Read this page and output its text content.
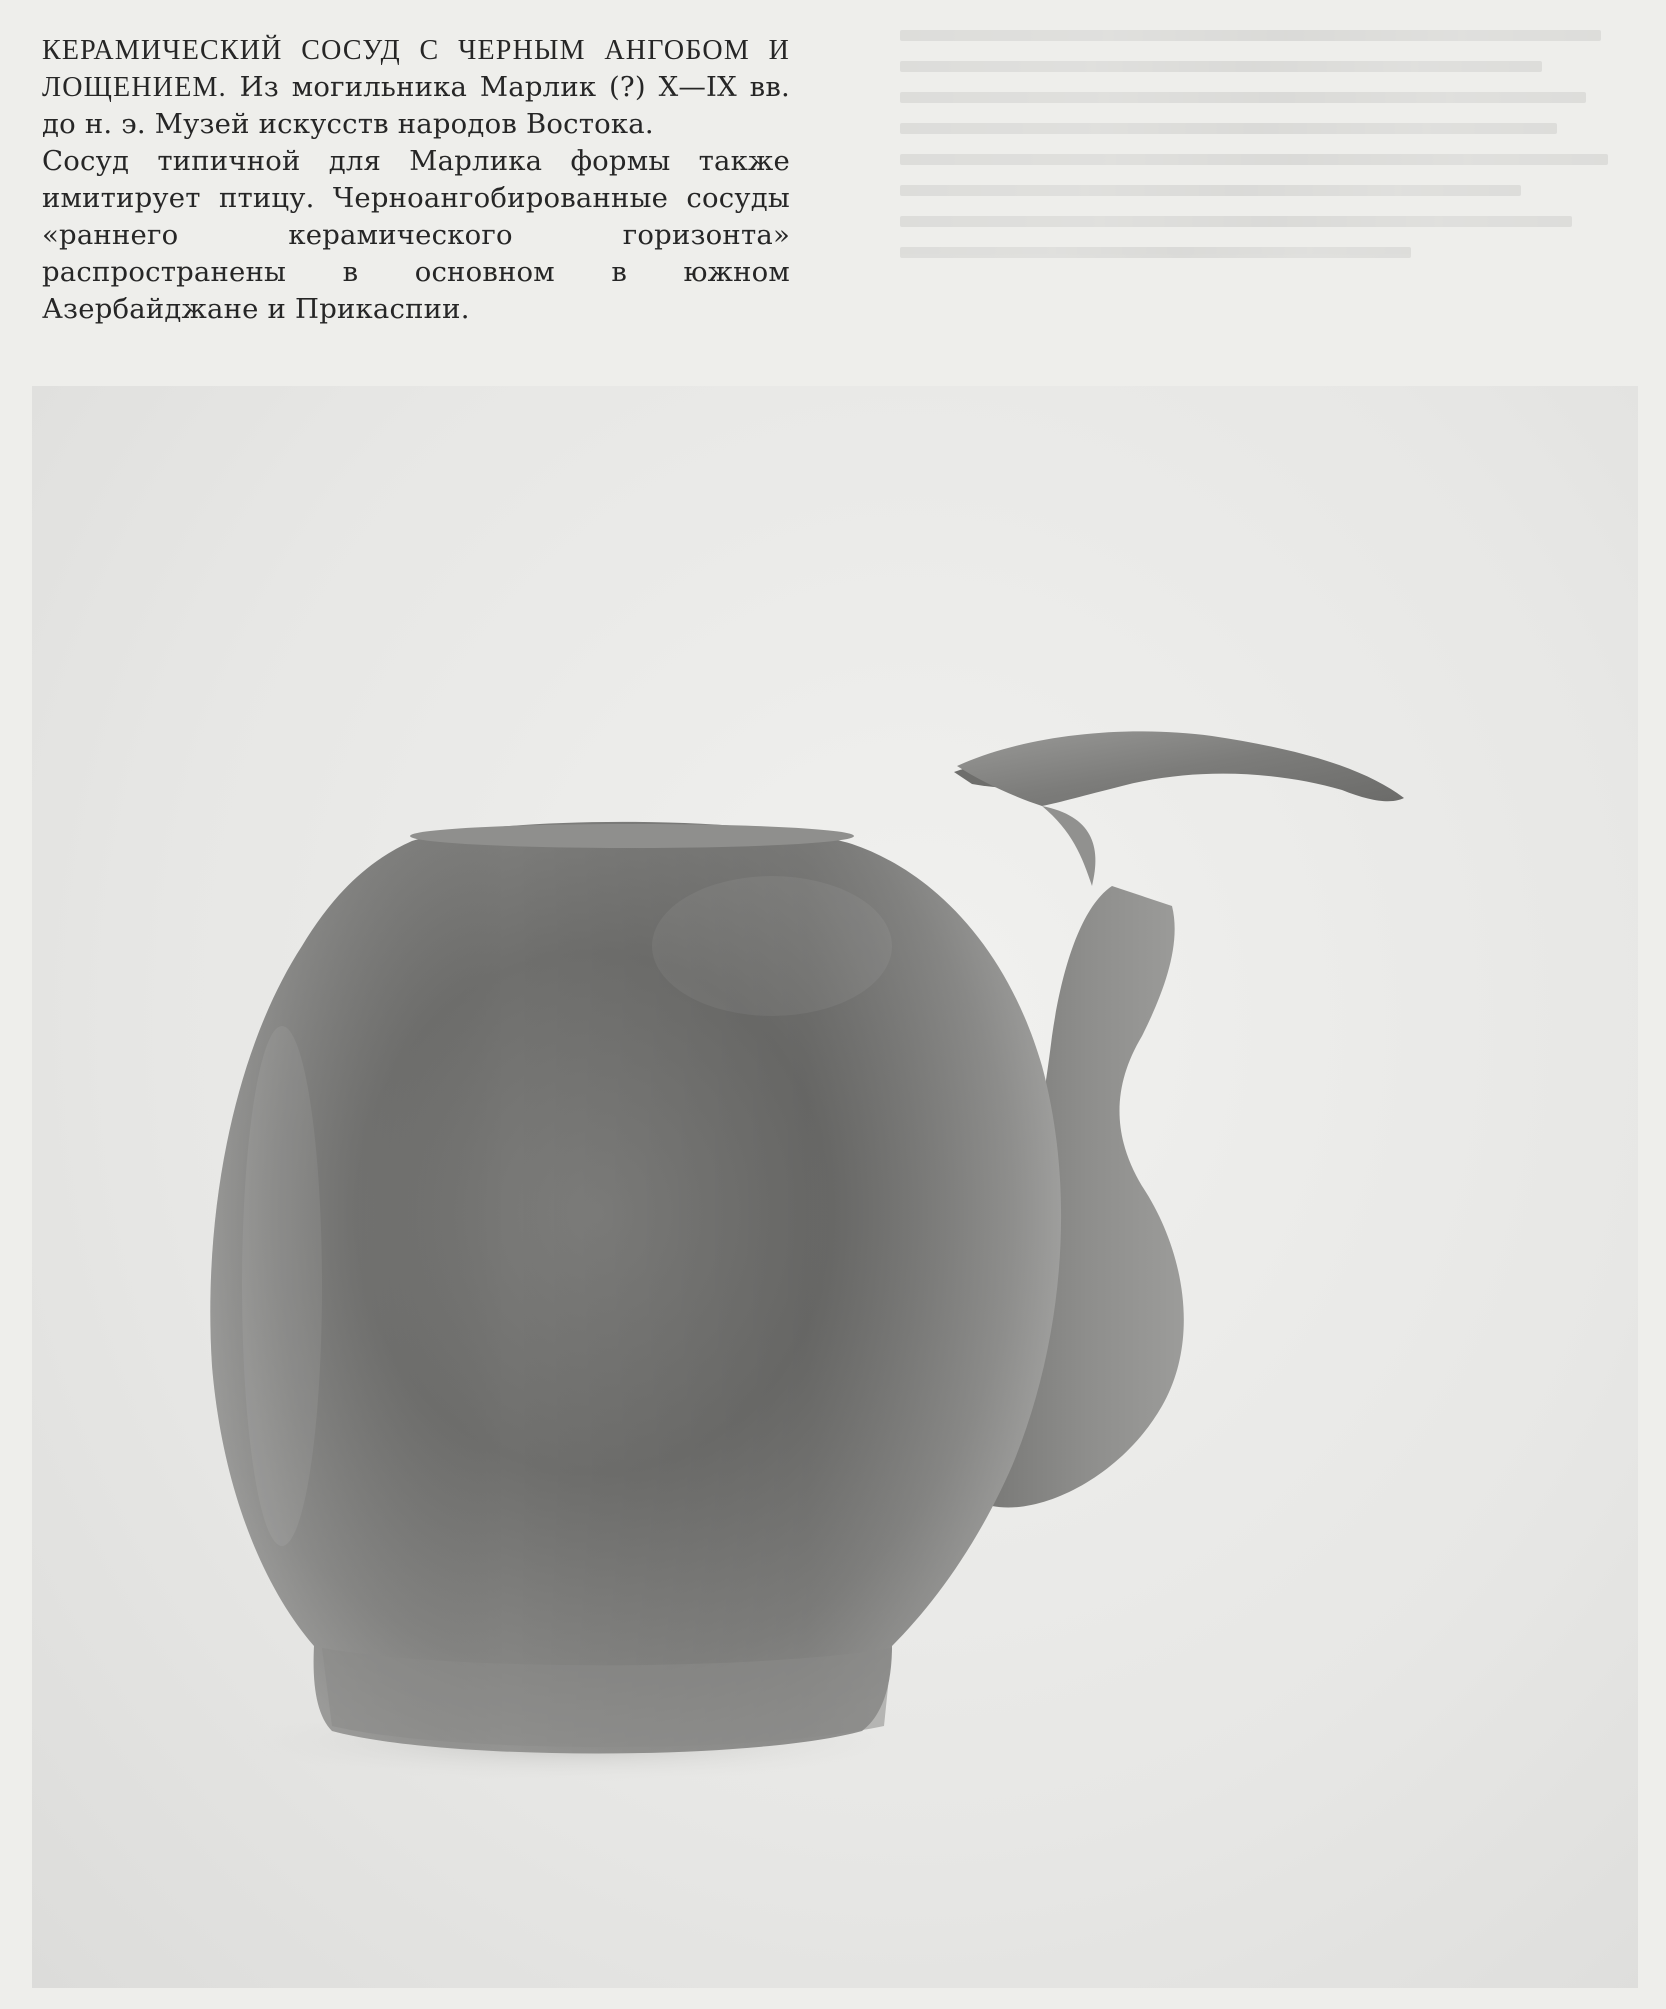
КЕРАМИЧЕСКИЙ СОСУД С ЧЕРНЫМ АНГОБОМ И ЛОЩЕНИЕМ. Из могильника Марлик (?) X—IX вв. до н. э. Музей искусств народов Востока.

Сосуд типичной для Марлика формы также имитирует птицу. Черноангобированные сосуды «раннего керамического горизонта» распространены в основном в южном Азербайджане и Прикаспии.
